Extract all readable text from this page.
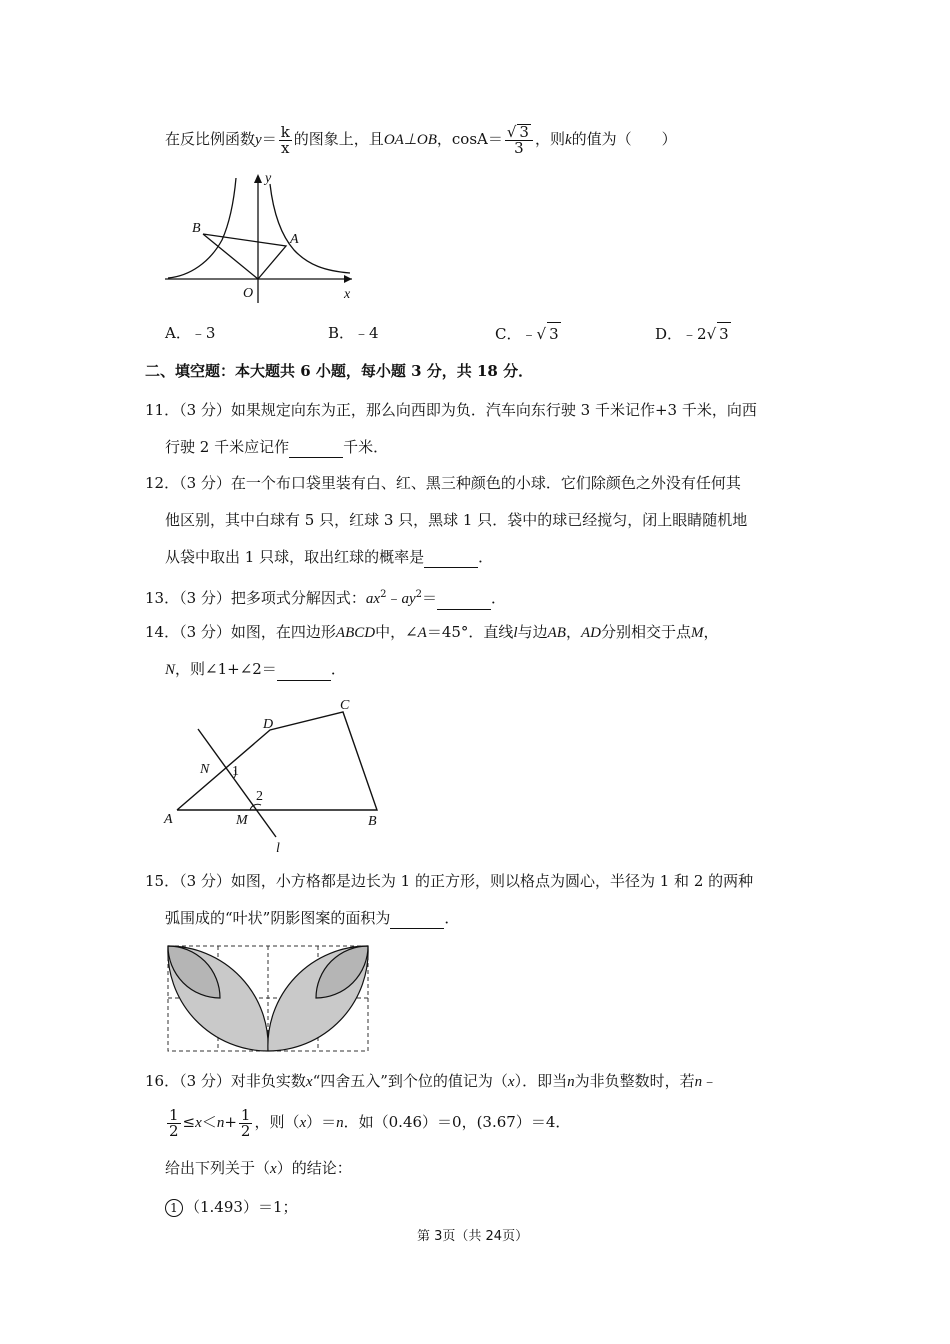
在反比例函数$y= \frac{k}{x}$ 的图象上，且OA⊥OB，$\cos A= \frac{√ 3}{3}$ ，则k的值为（　　）
O
A
B
y
x
A．﹣3	B．﹣4	C．﹣√ 3	D．﹣2√ 3
二、填空题：本大题共 6 小题，每小题 3 分，共 18 分．
11．（3 分）如果规定向东为正，那么向西即为负．汽车向东行驶 3 千米记作+3 千米，向西
行驶 2 千米应记作	千米．
12．（3 分）在一个布口袋里装有白、红、黑三种颜色的小球．它们除颜色之外没有任何其
他区别，其中白球有 5 只，红球 3 只，黑球 1 只．袋中的球已经搅匀，闭上眼睛随机地
从袋中取出 1 只球，取出红球的概率是	．
13．（3 分）把多项式分解因式：$ax^2﹣ay^2=$	．
14．（3 分）如图，在四边形ABCD中，∠A＝45°．直线l与边AB，AD分别相交于点M，
N，则∠1+∠2＝	．
A	B
C
D
M
N
l
1
2
15．（3 分）如图，小方格都是边长为 1 的正方形，则以格点为圆心，半径为 1 和 2 的两种
弧围成的“叶状”阴影图案的面积为	．
16．（3 分）对非负实数x“四舍五入”到个位的值记为（x）．即当n为非负整数时，若n﹣
$\frac{1}{2} \le x<n+ \frac{1}{2}$ ，则（x）＝n．如（0.46）＝0，(3.67）＝4．
给出下列关于（x）的结论：
1 （1.493）＝1；
第 3页（共 24页）
